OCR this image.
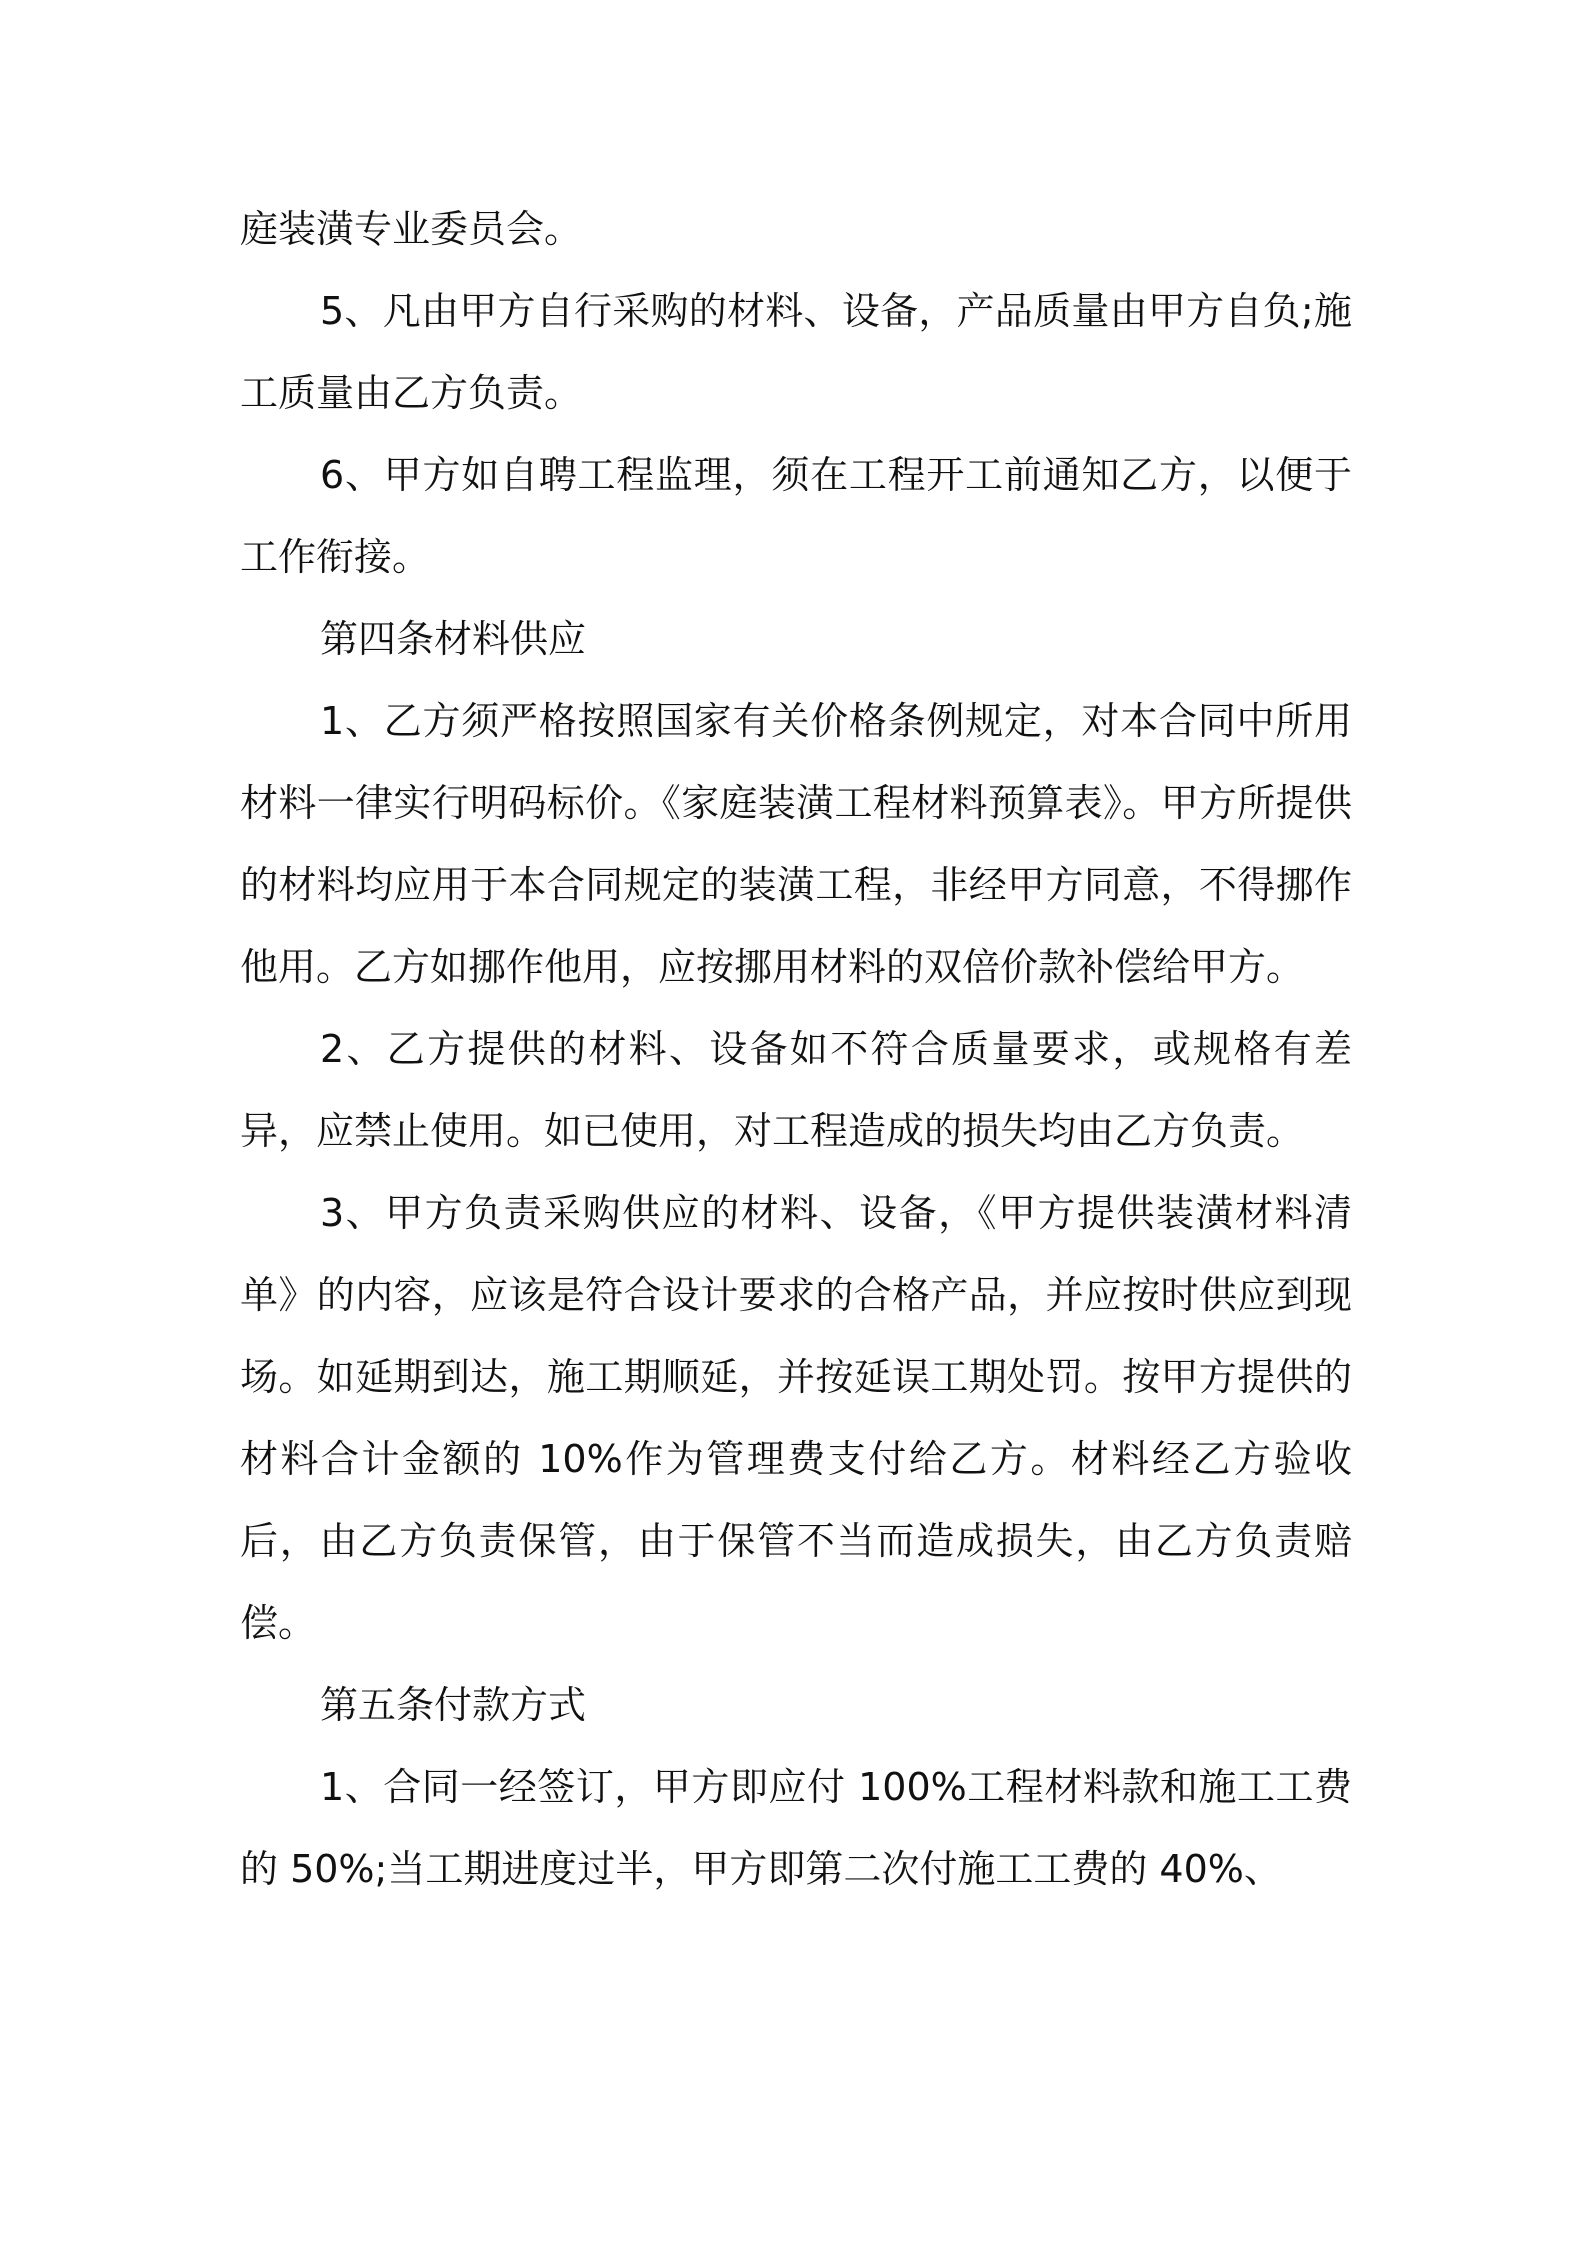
庭装潢专业委员会。

5、凡由甲方自行采购的材料、设备，产品质量由甲方自负;施工质量由乙方负责。

6、甲方如自聘工程监理，须在工程开工前通知乙方，以便于工作衔接。

第四条材料供应

1、乙方须严格按照国家有关价格条例规定，对本合同中所用材料一律实行明码标价。《家庭装潢工程材料预算表》。甲方所提供的材料均应用于本合同规定的装潢工程，非经甲方同意，不得挪作他用。乙方如挪作他用，应按挪用材料的双倍价款补偿给甲方。

2、乙方提供的材料、设备如不符合质量要求，或规格有差异，应禁止使用。如已使用，对工程造成的损失均由乙方负责。

3、甲方负责采购供应的材料、设备，《甲方提供装潢材料清单》的内容，应该是符合设计要求的合格产品，并应按时供应到现场。如延期到达，施工期顺延，并按延误工期处罚。按甲方提供的材料合计金额的 10%作为管理费支付给乙方。材料经乙方验收后，由乙方负责保管，由于保管不当而造成损失，由乙方负责赔偿。

第五条付款方式

1、合同一经签订，甲方即应付 100%工程材料款和施工工费的 50%;当工期进度过半，甲方即第二次付施工工费的 40%、
